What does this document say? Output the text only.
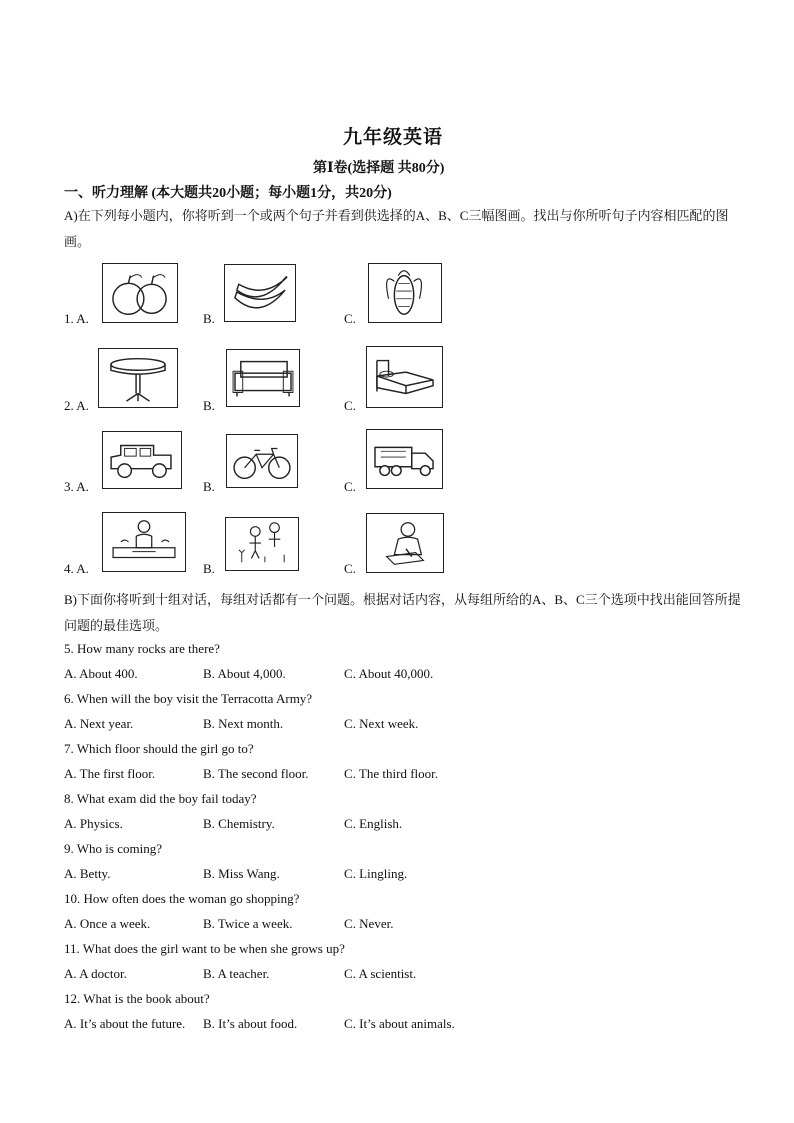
九年级英语
第Ⅰ卷(选择题 共80分)
一、听力理解 (本大题共20小题；每小题1分，共20分)
A)在下列每小题内，你将听到一个或两个句子并看到供选择的A、B、C三幅图画。找出与你所听句子内容相匹配的图画。
1. A.	B.	C.
2. A.	B.	C.
3. A.	B.	C.
4. A.	B.	C.
B)下面你将听到十组对话，每组对话都有一个问题。根据对话内容，从每组所给的A、B、C三个选项中找出能回答所提问题的最佳选项。
5. How many rocks are there?
A. About 400.	B. About 4,000.	C. About 40,000.
6. When will the boy visit the Terracotta Army?
A. Next year.	B. Next month.	C. Next week.
7. Which floor should the girl go to?
A. The first floor.	B. The second floor.	C. The third floor.
8. What exam did the boy fail today?
A. Physics.	B. Chemistry.	C. English.
9. Who is coming?
A. Betty.	B. Miss Wang.	C. Lingling.
10. How often does the woman go shopping?
A. Once a week.	B. Twice a week.	C. Never.
11. What does the girl want to be when she grows up?
A. A doctor.	B. A teacher.	C. A scientist.
12. What is the book about?
A. It’s about the future. B. It’s about food.	C. It’s about animals.
